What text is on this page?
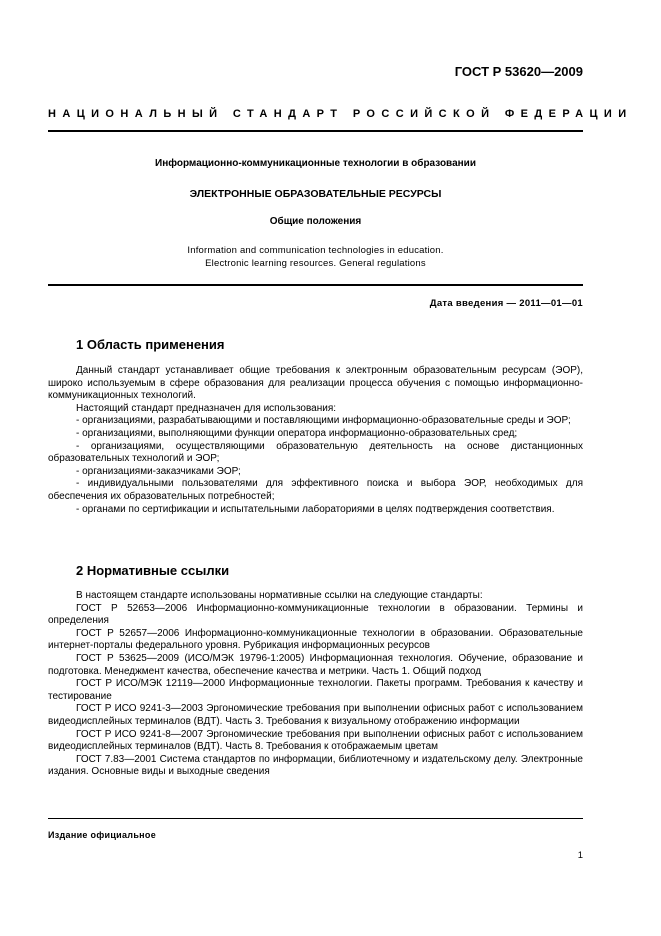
ГОСТ Р 53620—2009
НАЦИОНАЛЬНЫЙ СТАНДАРТ РОССИЙСКОЙ ФЕДЕРАЦИИ
Информационно-коммуникационные технологии в образовании
ЭЛЕКТРОННЫЕ ОБРАЗОВАТЕЛЬНЫЕ РЕСУРСЫ
Общие положения
Information and communication technologies in education.
Electronic learning resources. General regulations
Дата введения — 2011—01—01
1 Область применения

Данный стандарт устанавливает общие требования к электронным образовательным ресурсам (ЭОР), широко используемым в сфере образования для реализации процесса обучения с помощью информационно-коммуникационных технологий.

Настоящий стандарт предназначен для использования:

- организациями, разрабатывающими и поставляющими информационно-образовательные среды и ЭОР;

- организациями, выполняющими функции оператора информационно-образовательных сред;

- организациями, осуществляющими образовательную деятельность на основе дистанционных образовательных технологий и ЭОР;

- организациями-заказчиками ЭОР;

- индивидуальными пользователями для эффективного поиска и выбора ЭОР, необходимых для обеспечения их образовательных потребностей;

- органами по сертификации и испытательными лабораториями в целях подтверждения соответствия.

2 Нормативные ссылки

В настоящем стандарте использованы нормативные ссылки на следующие стандарты:

ГОСТ Р 52653—2006 Информационно-коммуникационные технологии в образовании. Термины и определения

ГОСТ Р 52657—2006 Информационно-коммуникационные технологии в образовании. Образовательные интернет-порталы федерального уровня. Рубрикация информационных ресурсов

ГОСТ Р 53625—2009 (ИСО/МЭК 19796-1:2005) Информационная технология. Обучение, образование и подготовка. Менеджмент качества, обеспечение качества и метрики. Часть 1. Общий подход

ГОСТ Р ИСО/МЭК 12119—2000 Информационные технологии. Пакеты программ. Требования к качеству и тестирование

ГОСТ Р ИСО 9241-3—2003 Эргономические требования при выполнении офисных работ с использованием видеодисплейных терминалов (ВДТ). Часть 3. Требования к визуальному отображению информации

ГОСТ Р ИСО 9241-8—2007 Эргономические требования при выполнении офисных работ с использованием видеодисплейных терминалов (ВДТ). Часть 8. Требования к отображаемым цветам

ГОСТ 7.83—2001 Система стандартов по информации, библиотечному и издательскому делу. Электронные издания. Основные виды и выходные сведения

Издание официальное
1
